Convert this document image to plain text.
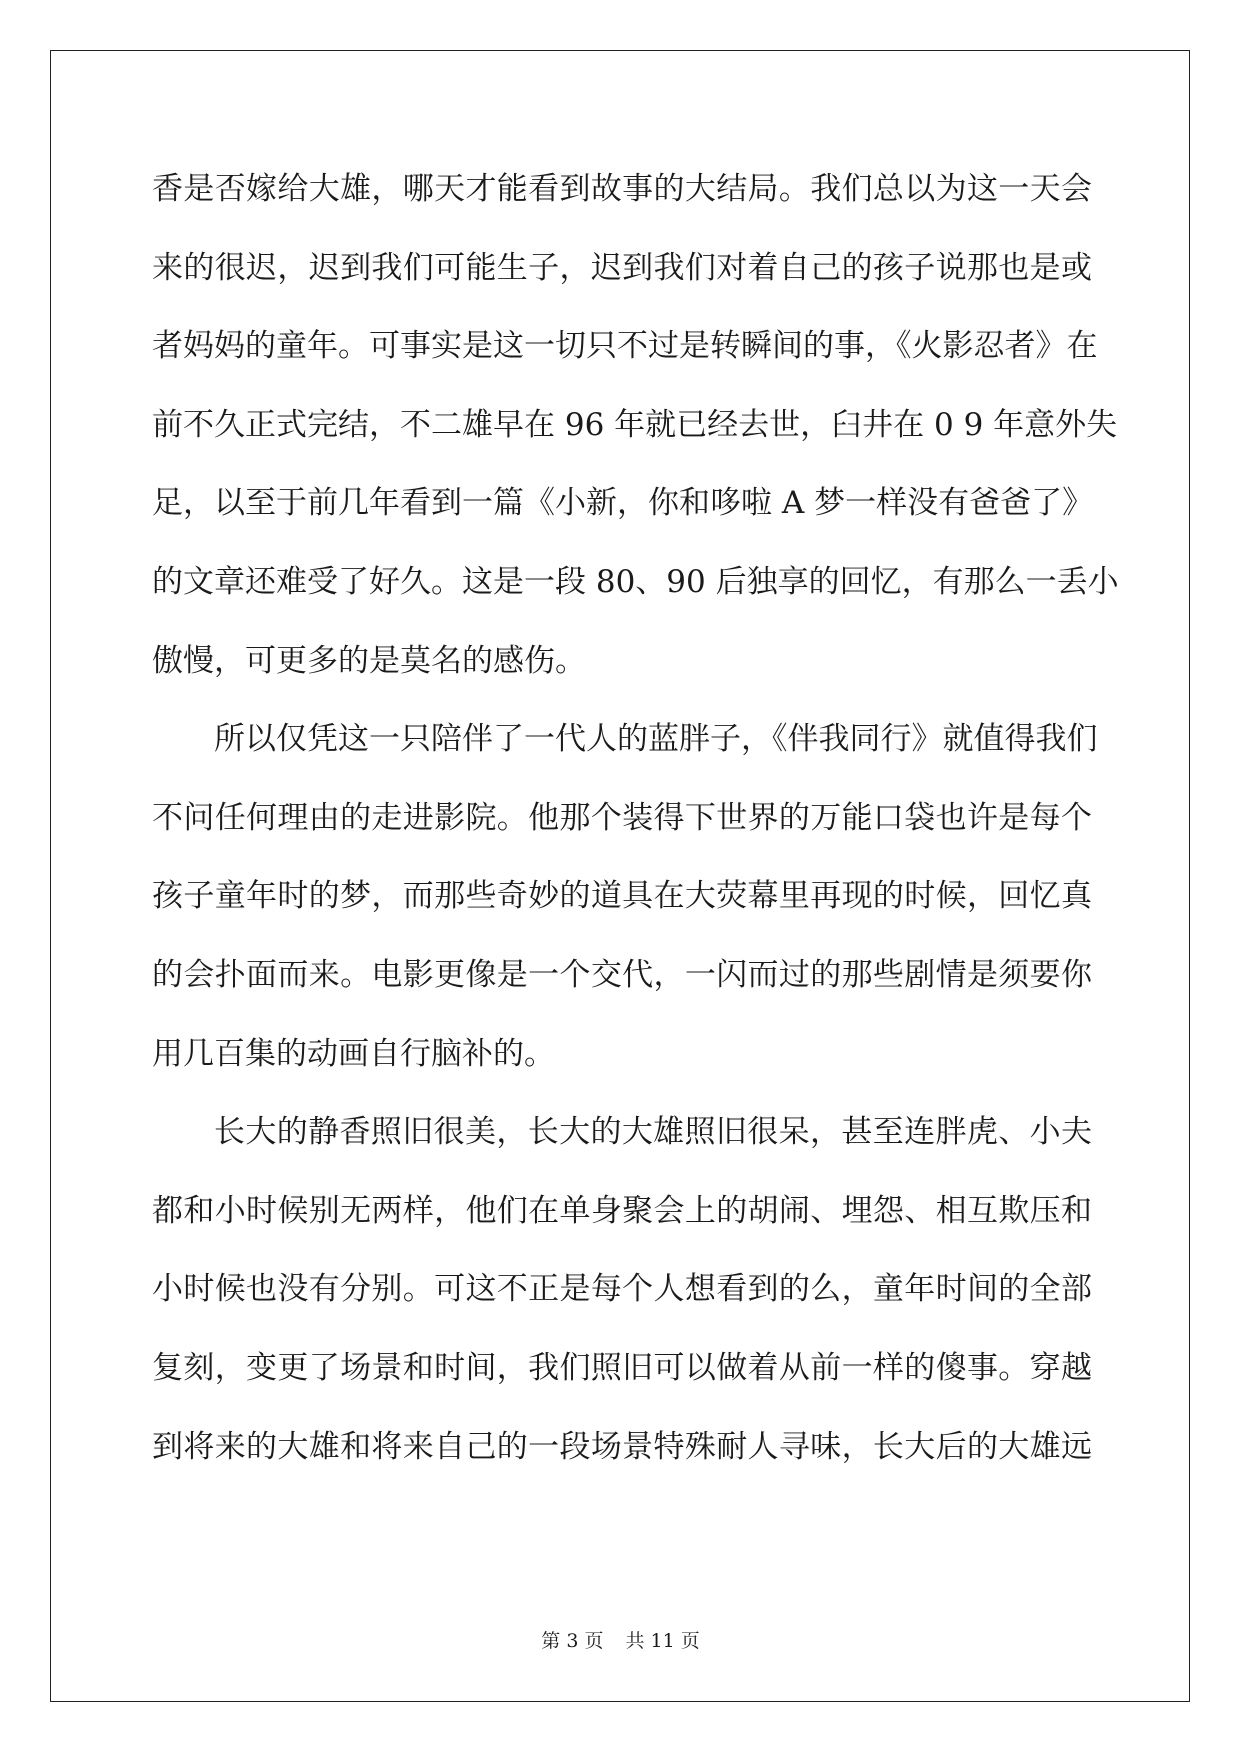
香是否嫁给大雄，哪天才能看到故事的大结局。我们总以为这一天会
来的很迟，迟到我们可能生子，迟到我们对着自己的孩子说那也是或
者妈妈的童年。可事实是这一切只不过是转瞬间的事，《火影忍者》在
前不久正式完结，不二雄早在 96 年就已经去世，臼井在 0 9 年意外失
足，以至于前几年看到一篇《小新，你和哆啦 A 梦一样没有爸爸了》
的文章还难受了好久。这是一段 80、90 后独享的回忆，有那么一丢小
傲慢，可更多的是莫名的感伤。
所以仅凭这一只陪伴了一代人的蓝胖子，《伴我同行》就值得我们
不问任何理由的走进影院。他那个装得下世界的万能口袋也许是每个
孩子童年时的梦，而那些奇妙的道具在大荧幕里再现的时候，回忆真
的会扑面而来。电影更像是一个交代，一闪而过的那些剧情是须要你
用几百集的动画自行脑补的。
长大的静香照旧很美，长大的大雄照旧很呆，甚至连胖虎、小夫
都和小时候别无两样，他们在单身聚会上的胡闹、埋怨、相互欺压和
小时候也没有分别。可这不正是每个人想看到的么，童年时间的全部
复刻，变更了场景和时间，我们照旧可以做着从前一样的傻事。穿越
到将来的大雄和将来自己的一段场景特殊耐人寻味，长大后的大雄远
第 3 页 共 11 页
